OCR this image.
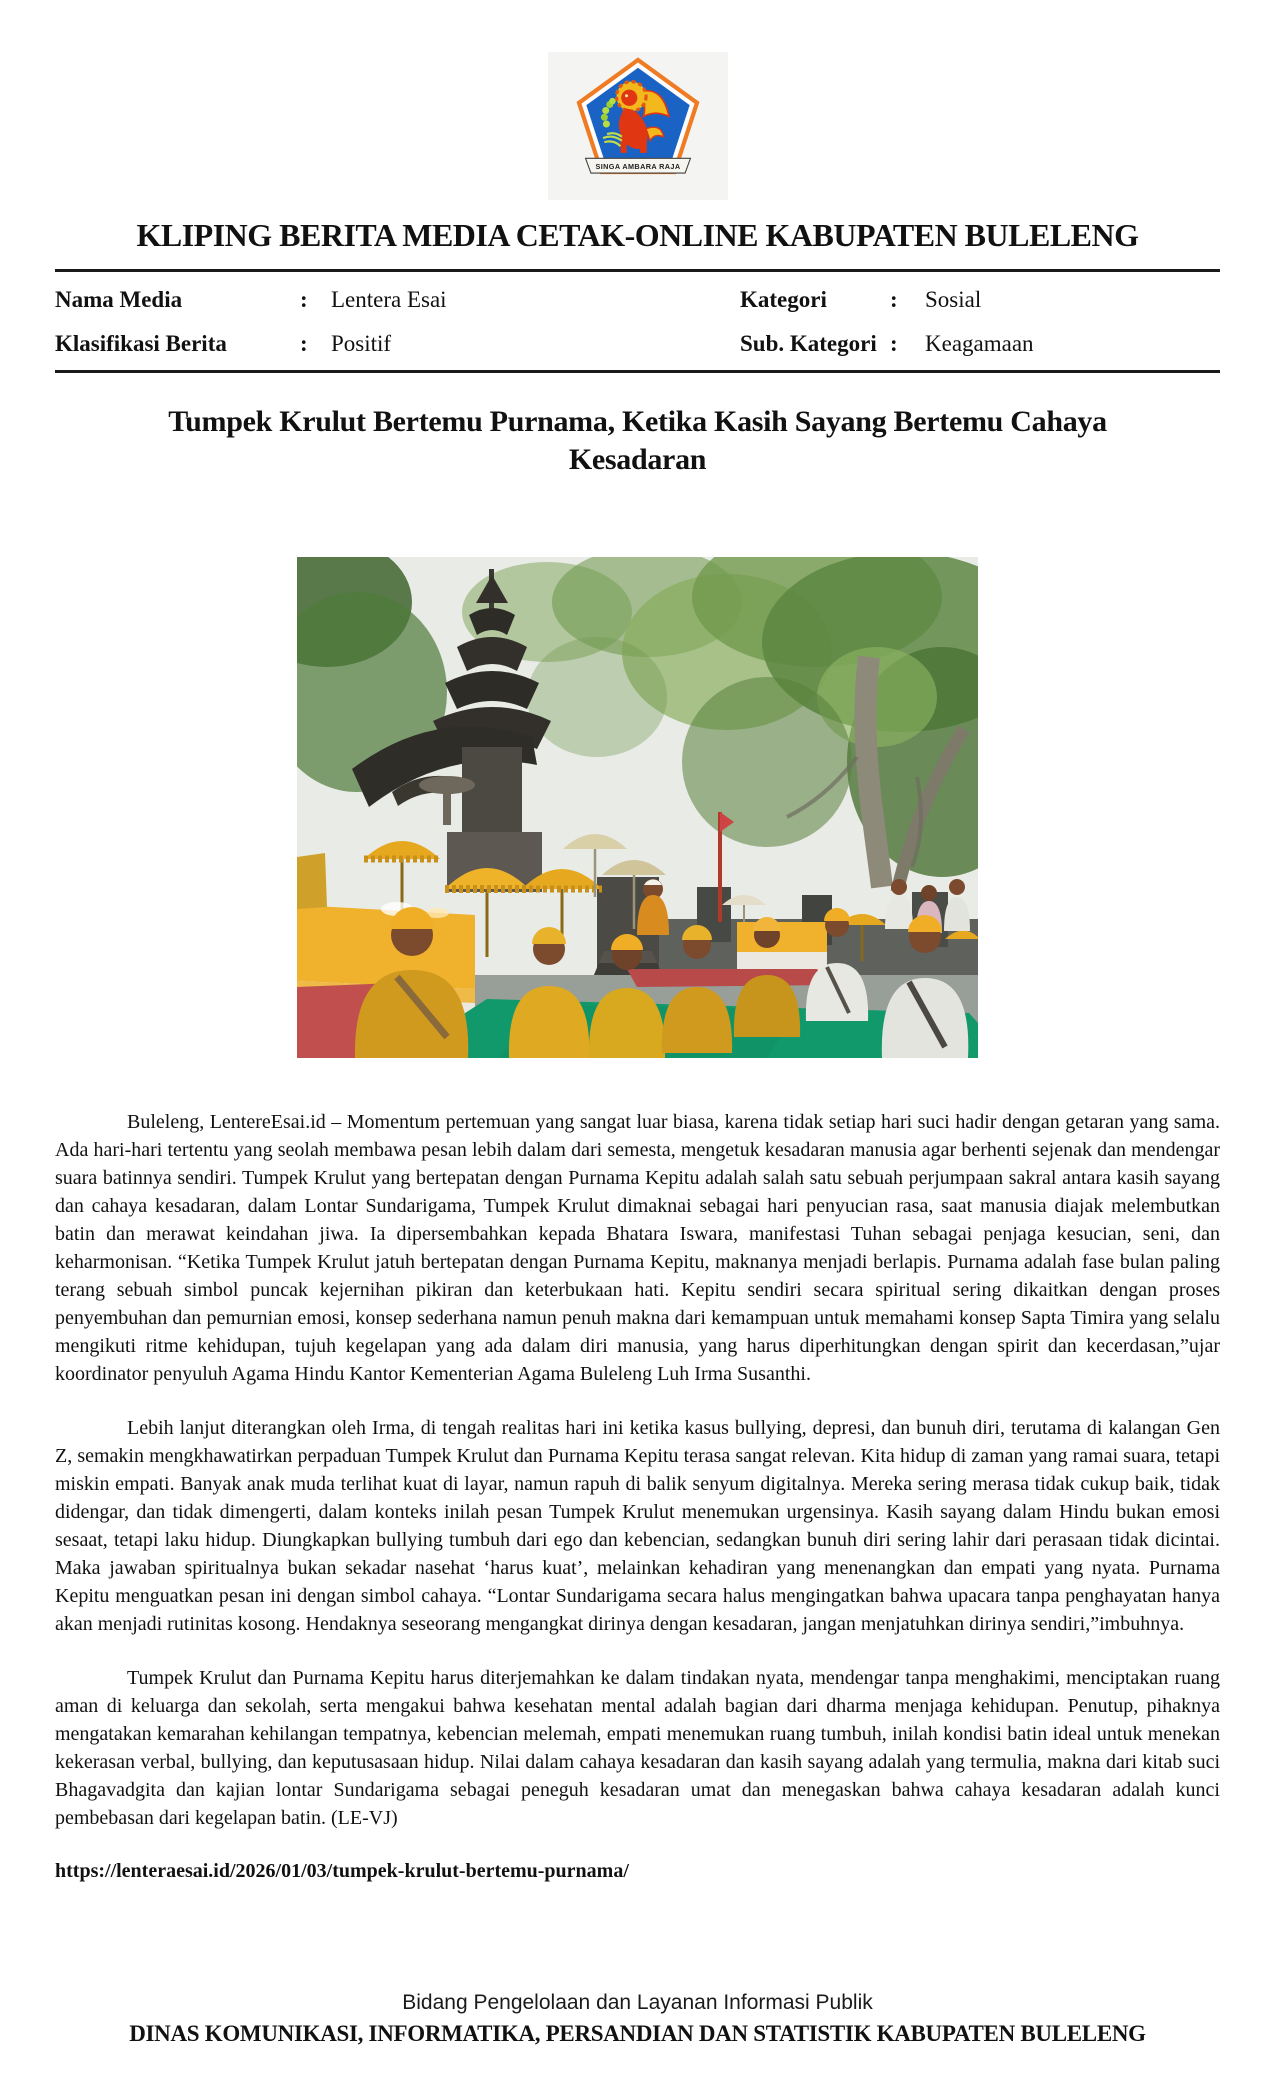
SINGA AMBARA RAJA
KLIPING BERITA MEDIA CETAK-ONLINE KABUPATEN BULELENG
Nama Media	:	Lentera Esai	Kategori	:	Sosial
Klasifikasi Berita	:	Positif	Sub. Kategori :	Keagamaan
Tumpek Krulut Bertemu Purnama, Ketika Kasih Sayang Bertemu Cahaya Kesadaran

Buleleng, LentereEsai.id – Momentum pertemuan yang sangat luar biasa, karena tidak setiap hari suci hadir dengan getaran yang sama. Ada hari-hari tertentu yang seolah membawa pesan lebih dalam dari semesta, mengetuk kesadaran manusia agar berhenti sejenak dan mendengar suara batinnya sendiri. Tumpek Krulut yang bertepatan dengan Purnama Kepitu adalah salah satu sebuah perjumpaan sakral antara kasih sayang dan cahaya kesadaran, dalam Lontar Sundarigama, Tumpek Krulut dimaknai sebagai hari penyucian rasa, saat manusia diajak melembutkan batin dan merawat keindahan jiwa. Ia dipersembahkan kepada Bhatara Iswara, manifestasi Tuhan sebagai penjaga kesucian, seni, dan keharmonisan. “Ketika Tumpek Krulut jatuh bertepatan dengan Purnama Kepitu, maknanya menjadi berlapis. Purnama adalah fase bulan paling terang sebuah simbol puncak kejernihan pikiran dan keterbukaan hati. Kepitu sendiri secara spiritual sering dikaitkan dengan proses penyembuhan dan pemurnian emosi, konsep sederhana namun penuh makna dari kemampuan untuk memahami konsep Sapta Timira yang selalu mengikuti ritme kehidupan, tujuh kegelapan yang ada dalam diri manusia, yang harus diperhitungkan dengan spirit dan kecerdasan,”ujar koordinator penyuluh Agama Hindu Kantor Kementerian Agama Buleleng Luh Irma Susanthi.

Lebih lanjut diterangkan oleh Irma, di tengah realitas hari ini ketika kasus bullying, depresi, dan bunuh diri, terutama di kalangan Gen Z, semakin mengkhawatirkan perpaduan Tumpek Krulut dan Purnama Kepitu terasa sangat relevan. Kita hidup di zaman yang ramai suara, tetapi miskin empati. Banyak anak muda terlihat kuat di layar, namun rapuh di balik senyum digitalnya. Mereka sering merasa tidak cukup baik, tidak didengar, dan tidak dimengerti, dalam konteks inilah pesan Tumpek Krulut menemukan urgensinya. Kasih sayang dalam Hindu bukan emosi sesaat, tetapi laku hidup. Diungkapkan bullying tumbuh dari ego dan kebencian, sedangkan bunuh diri sering lahir dari perasaan tidak dicintai. Maka jawaban spiritualnya bukan sekadar nasehat ‘harus kuat’, melainkan kehadiran yang menenangkan dan empati yang nyata. Purnama Kepitu menguatkan pesan ini dengan simbol cahaya. “Lontar Sundarigama secara halus mengingatkan bahwa upacara tanpa penghayatan hanya akan menjadi rutinitas kosong. Hendaknya seseorang mengangkat dirinya dengan kesadaran, jangan menjatuhkan dirinya sendiri,”imbuhnya.

Tumpek Krulut dan Purnama Kepitu harus diterjemahkan ke dalam tindakan nyata, mendengar tanpa menghakimi, menciptakan ruang aman di keluarga dan sekolah, serta mengakui bahwa kesehatan mental adalah bagian dari dharma menjaga kehidupan. Penutup, pihaknya mengatakan kemarahan kehilangan tempatnya, kebencian melemah, empati menemukan ruang tumbuh, inilah kondisi batin ideal untuk menekan kekerasan verbal, bullying, dan keputusasaan hidup. Nilai dalam cahaya kesadaran dan kasih sayang adalah yang termulia, makna dari kitab suci Bhagavadgita dan kajian lontar Sundarigama sebagai peneguh kesadaran umat dan menegaskan bahwa cahaya kesadaran adalah kunci pembebasan dari kegelapan batin. (LE-VJ)

https://lenteraesai.id/2026/01/03/tumpek-krulut-bertemu-purnama/
Bidang Pengelolaan dan Layanan Informasi Publik
DINAS KOMUNIKASI, INFORMATIKA, PERSANDIAN DAN STATISTIK KABUPATEN BULELENG
